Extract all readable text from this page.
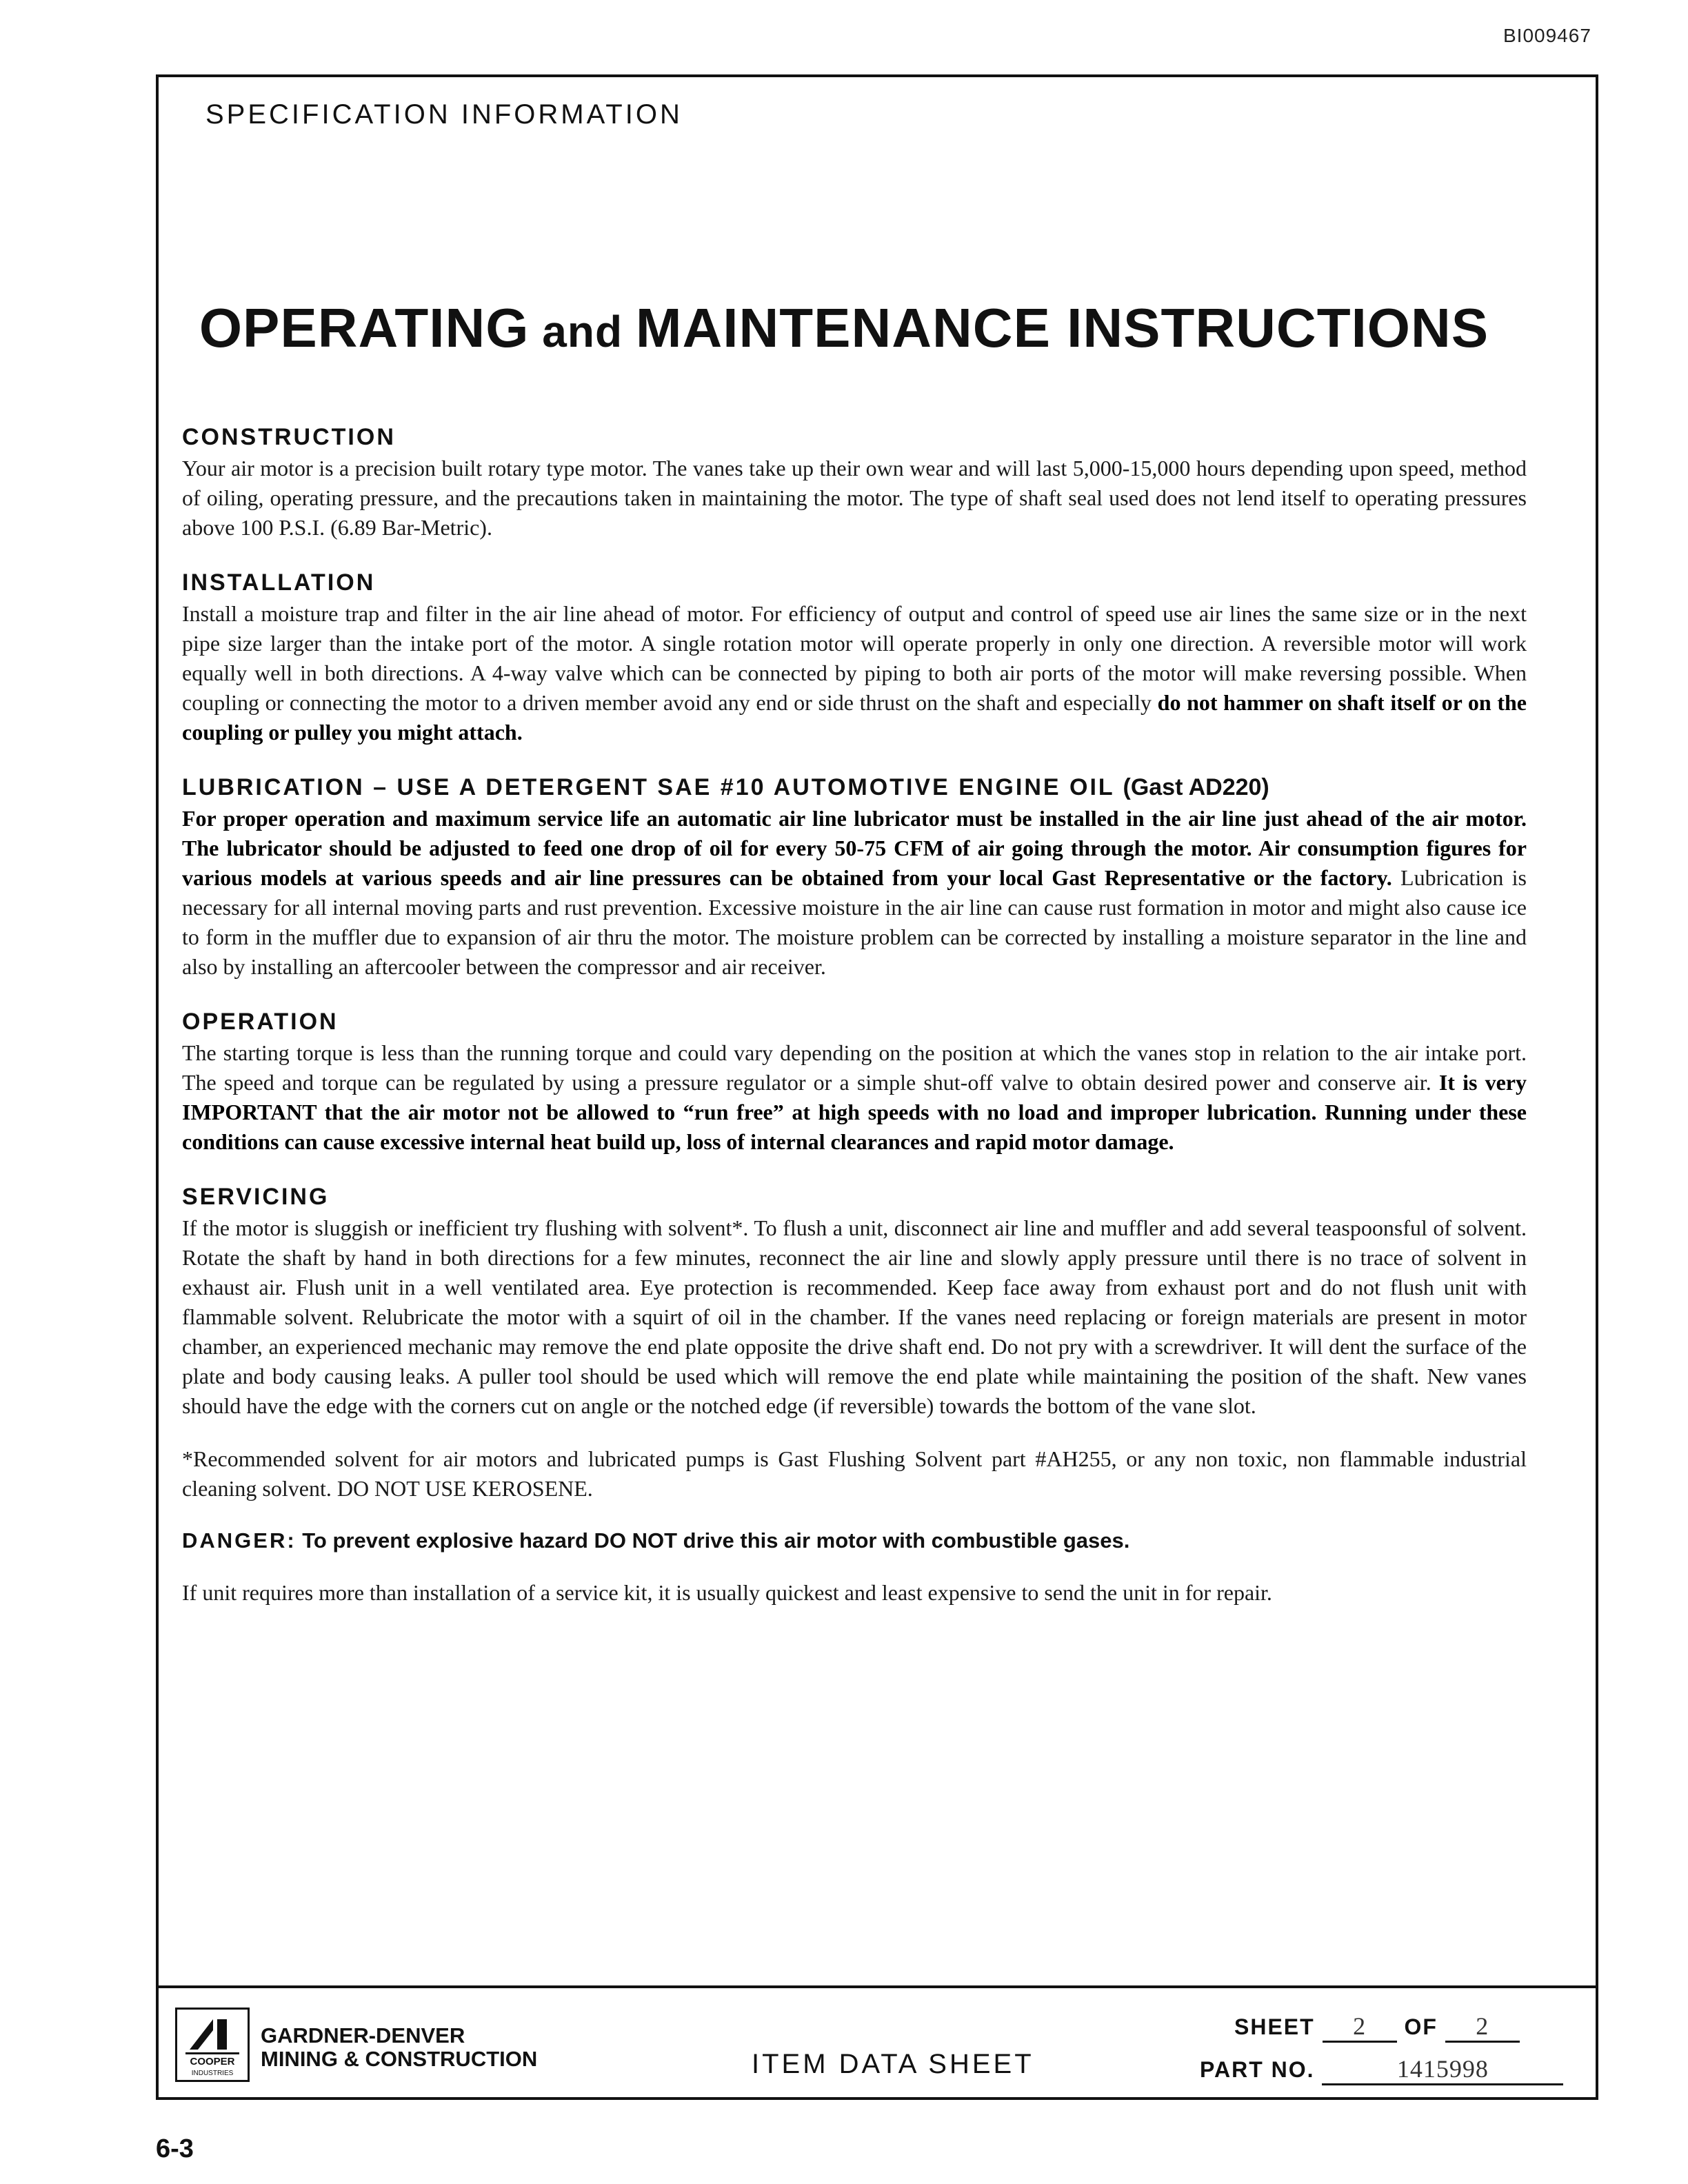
BI009467
SPECIFICATION INFORMATION
OPERATING and MAINTENANCE INSTRUCTIONS
CONSTRUCTION
Your air motor is a precision built rotary type motor. The vanes take up their own wear and will last 5,000-15,000 hours depending upon speed, method of oiling, operating pressure, and the precautions taken in maintaining the motor. The type of shaft seal used does not lend itself to operating pressures above 100 P.S.I. (6.89 Bar-Metric).
INSTALLATION
Install a moisture trap and filter in the air line ahead of motor. For efficiency of output and control of speed use air lines the same size or in the next pipe size larger than the intake port of the motor. A single rotation motor will operate properly in only one direction. A reversible motor will work equally well in both directions. A 4-way valve which can be connected by piping to both air ports of the motor will make reversing possible. When coupling or connecting the motor to a driven member avoid any end or side thrust on the shaft and especially do not hammer on shaft itself or on the coupling or pulley you might attach.
LUBRICATION – USE A DETERGENT SAE #10 AUTOMOTIVE ENGINE OIL (Gast AD220)
For proper operation and maximum service life an automatic air line lubricator must be installed in the air line just ahead of the air motor. The lubricator should be adjusted to feed one drop of oil for every 50-75 CFM of air going through the motor. Air consumption figures for various models at various speeds and air line pressures can be obtained from your local Gast Representative or the factory. Lubrication is necessary for all internal moving parts and rust prevention. Excessive moisture in the air line can cause rust formation in motor and might also cause ice to form in the muffler due to expansion of air thru the motor. The moisture problem can be corrected by installing a moisture separator in the line and also by installing an aftercooler between the compressor and air receiver.
OPERATION
The starting torque is less than the running torque and could vary depending on the position at which the vanes stop in relation to the air intake port. The speed and torque can be regulated by using a pressure regulator or a simple shut-off valve to obtain desired power and conserve air. It is very IMPORTANT that the air motor not be allowed to “run free” at high speeds with no load and improper lubrication. Running under these conditions can cause excessive internal heat build up, loss of internal clearances and rapid motor damage.
SERVICING
If the motor is sluggish or inefficient try flushing with solvent*. To flush a unit, disconnect air line and muffler and add several teaspoonsful of solvent. Rotate the shaft by hand in both directions for a few minutes, reconnect the air line and slowly apply pressure until there is no trace of solvent in exhaust air. Flush unit in a well ventilated area. Eye protection is recommended. Keep face away from exhaust port and do not flush unit with flammable solvent. Relubricate the motor with a squirt of oil in the chamber. If the vanes need replacing or foreign materials are present in motor chamber, an experienced mechanic may remove the end plate opposite the drive shaft end. Do not pry with a screwdriver. It will dent the surface of the plate and body causing leaks. A puller tool should be used which will remove the end plate while maintaining the position of the shaft. New vanes should have the edge with the corners cut on angle or the notched edge (if reversible) towards the bottom of the vane slot.
*Recommended solvent for air motors and lubricated pumps is Gast Flushing Solvent part #AH255, or any non toxic, non flammable industrial cleaning solvent. DO NOT USE KEROSENE.
DANGER: To prevent explosive hazard DO NOT drive this air motor with combustible gases.
If unit requires more than installation of a service kit, it is usually quickest and least expensive to send the unit in for repair.
COOPER
INDUSTRIES
GARDNER-DENVER
MINING & CONSTRUCTION	ITEM DATA SHEET
SHEET 2 OF 2
PART NO.	1415998
6-3
